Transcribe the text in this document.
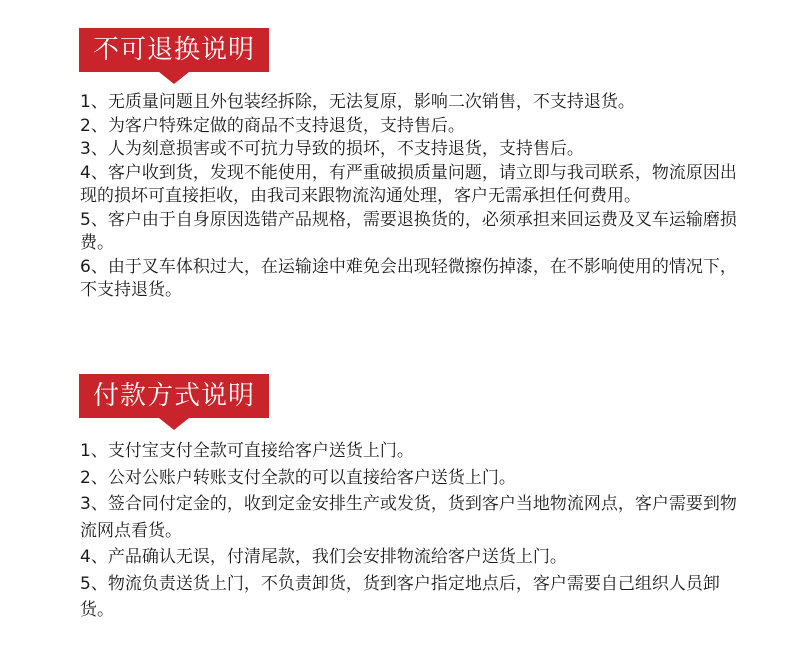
不可退换说明
1、无质量问题且外包装经拆除，无法复原，影响二次销售，不支持退货。
2、为客户特殊定做的商品不支持退货，支持售后。
3、人为刻意损害或不可抗力导致的损坏，不支持退货，支持售后。
4、客户收到货，发现不能使用，有严重破损质量问题，请立即与我司联系，物流原因出现的损坏可直接拒收，由我司来跟物流沟通处理，客户无需承担任何费用。
5、客户由于自身原因选错产品规格，需要退换货的，必须承担来回运费及叉车运输磨损费。
6、由于叉车体积过大，在运输途中难免会出现轻微擦伤掉漆，在不影响使用的情况下，不支持退货。
付款方式说明
1、支付宝支付全款可直接给客户送货上门。
2、公对公账户转账支付全款的可以直接给客户送货上门。
3、签合同付定金的，收到定金安排生产或发货，货到客户当地物流网点，客户需要到物流网点看货。
4、产品确认无误，付清尾款，我们会安排物流给客户送货上门。
5、物流负责送货上门，不负责卸货，货到客户指定地点后，客户需要自己组织人员卸货。
